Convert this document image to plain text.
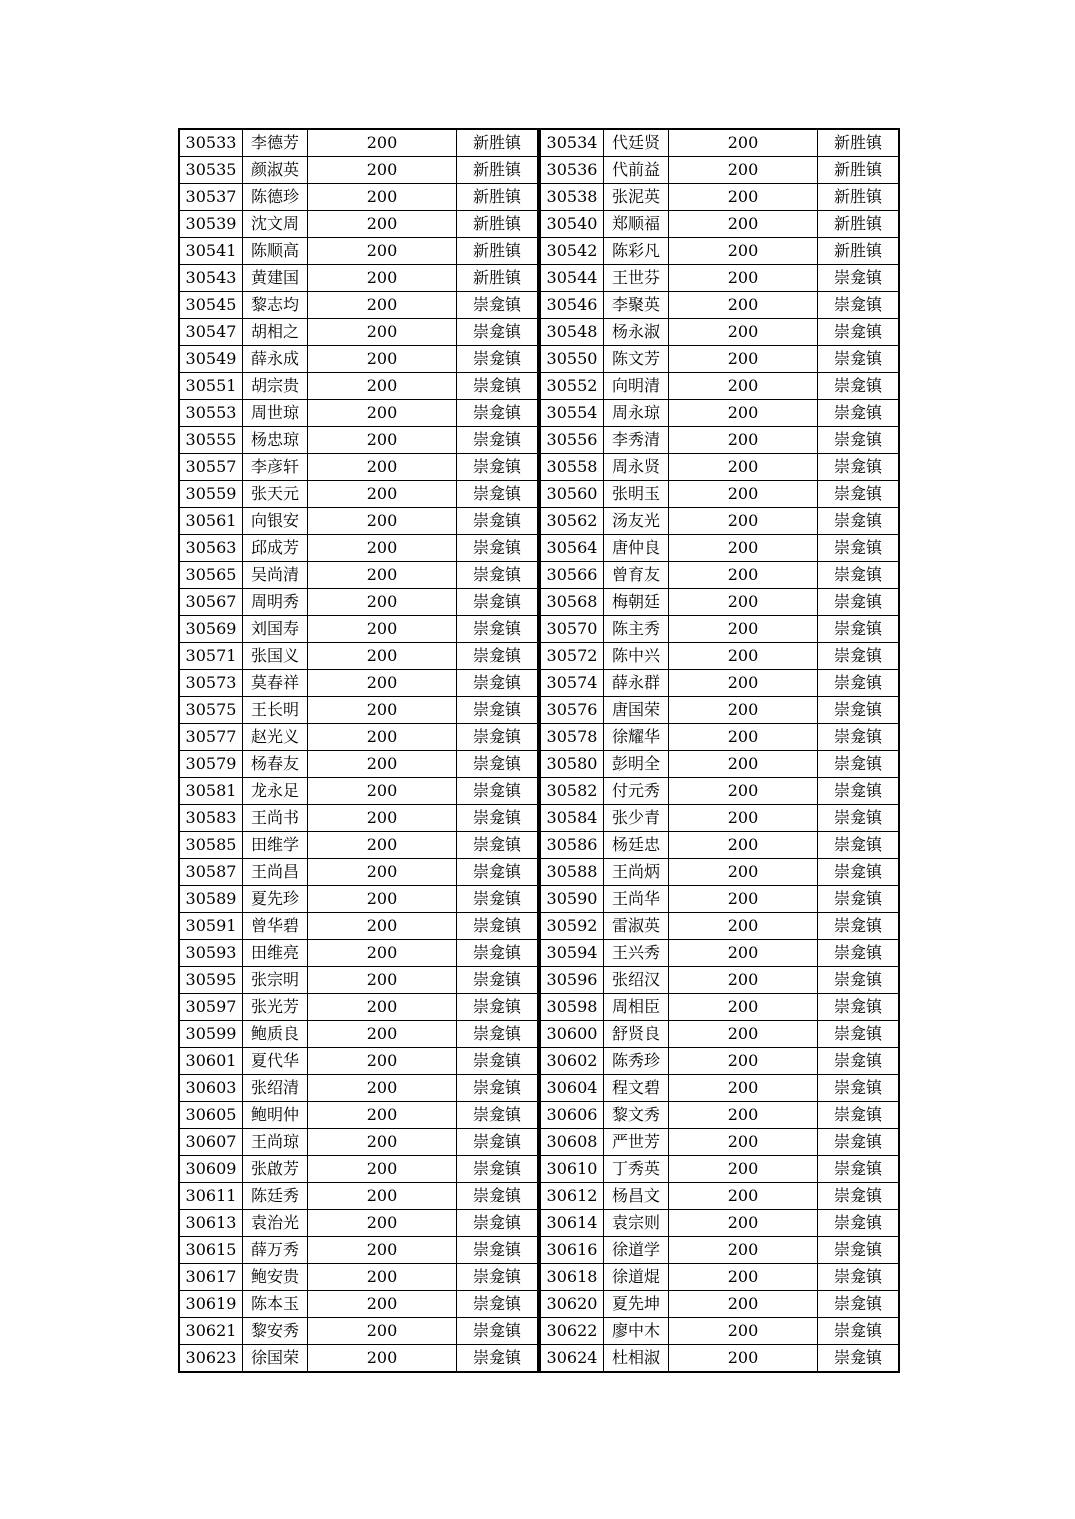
30533	李德芳	200	新胜镇	30534	代廷贤	200	新胜镇
30535	颜淑英	200	新胜镇	30536	代前益	200	新胜镇
30537	陈德珍	200	新胜镇	30538	张泥英	200	新胜镇
30539	沈文周	200	新胜镇	30540	郑顺福	200	新胜镇
30541	陈顺高	200	新胜镇	30542	陈彩凡	200	新胜镇
30543	黄建国	200	新胜镇	30544	王世芬	200	崇龛镇
30545	黎志均	200	崇龛镇	30546	李聚英	200	崇龛镇
30547	胡相之	200	崇龛镇	30548	杨永淑	200	崇龛镇
30549	薛永成	200	崇龛镇	30550	陈文芳	200	崇龛镇
30551	胡宗贵	200	崇龛镇	30552	向明清	200	崇龛镇
30553	周世琼	200	崇龛镇	30554	周永琼	200	崇龛镇
30555	杨忠琼	200	崇龛镇	30556	李秀清	200	崇龛镇
30557	李彦轩	200	崇龛镇	30558	周永贤	200	崇龛镇
30559	张天元	200	崇龛镇	30560	张明玉	200	崇龛镇
30561	向银安	200	崇龛镇	30562	汤友光	200	崇龛镇
30563	邱成芳	200	崇龛镇	30564	唐仲良	200	崇龛镇
30565	吴尚清	200	崇龛镇	30566	曾育友	200	崇龛镇
30567	周明秀	200	崇龛镇	30568	梅朝廷	200	崇龛镇
30569	刘国寿	200	崇龛镇	30570	陈主秀	200	崇龛镇
30571	张国义	200	崇龛镇	30572	陈中兴	200	崇龛镇
30573	莫春祥	200	崇龛镇	30574	薛永群	200	崇龛镇
30575	王长明	200	崇龛镇	30576	唐国荣	200	崇龛镇
30577	赵光义	200	崇龛镇	30578	徐耀华	200	崇龛镇
30579	杨春友	200	崇龛镇	30580	彭明全	200	崇龛镇
30581	龙永足	200	崇龛镇	30582	付元秀	200	崇龛镇
30583	王尚书	200	崇龛镇	30584	张少青	200	崇龛镇
30585	田维学	200	崇龛镇	30586	杨廷忠	200	崇龛镇
30587	王尚昌	200	崇龛镇	30588	王尚炳	200	崇龛镇
30589	夏先珍	200	崇龛镇	30590	王尚华	200	崇龛镇
30591	曾华碧	200	崇龛镇	30592	雷淑英	200	崇龛镇
30593	田维亮	200	崇龛镇	30594	王兴秀	200	崇龛镇
30595	张宗明	200	崇龛镇	30596	张绍汉	200	崇龛镇
30597	张光芳	200	崇龛镇	30598	周相臣	200	崇龛镇
30599	鲍质良	200	崇龛镇	30600	舒贤良	200	崇龛镇
30601	夏代华	200	崇龛镇	30602	陈秀珍	200	崇龛镇
30603	张绍清	200	崇龛镇	30604	程文碧	200	崇龛镇
30605	鲍明仲	200	崇龛镇	30606	黎文秀	200	崇龛镇
30607	王尚琼	200	崇龛镇	30608	严世芳	200	崇龛镇
30609	张啟芳	200	崇龛镇	30610	丁秀英	200	崇龛镇
30611	陈廷秀	200	崇龛镇	30612	杨昌文	200	崇龛镇
30613	袁治光	200	崇龛镇	30614	袁宗则	200	崇龛镇
30615	薛万秀	200	崇龛镇	30616	徐道学	200	崇龛镇
30617	鲍安贵	200	崇龛镇	30618	徐道焜	200	崇龛镇
30619	陈本玉	200	崇龛镇	30620	夏先坤	200	崇龛镇
30621	黎安秀	200	崇龛镇	30622	廖中木	200	崇龛镇
30623	徐国荣	200	崇龛镇	30624	杜相淑	200	崇龛镇
